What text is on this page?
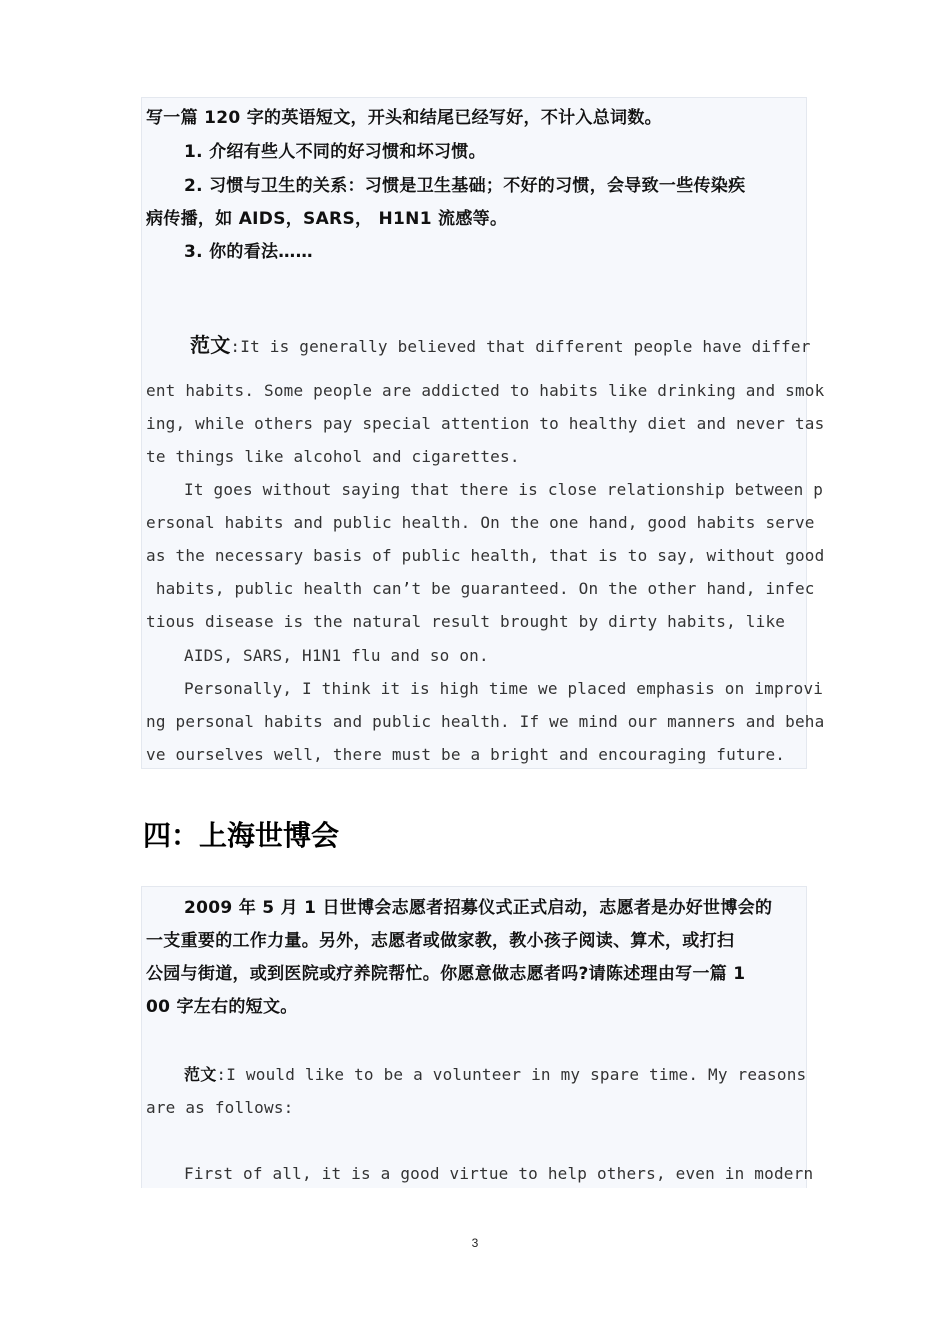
写一篇 120 字的英语短文，开头和结尾已经写好，不计入总词数。
1. 介绍有些人不同的好习惯和坏习惯。
2. 习惯与卫生的关系：习惯是卫生基础；不好的习惯，会导致一些传染疾
病传播，如 AIDS，SARS， H1N1 流感等。
3. 你的看法……
范文:It is generally believed that different people have differ
ent habits. Some people are addicted to habits like drinking and smok
ing, while others pay special attention to healthy diet and never tas
te things like alcohol and cigarettes.
It goes without saying that there is close relationship between p
ersonal habits and public health. On the one hand, good habits serve
as the necessary basis of public health, that is to say, without good
habits, public health can’t be guaranteed. On the other hand, infec
tious disease is the natural result brought by dirty habits, like
AIDS, SARS, H1N1 flu and so on.
Personally, I think it is high time we placed emphasis on improvi
ng personal habits and public health. If we mind our manners and beha
ve ourselves well, there must be a bright and encouraging future.
四：上海世博会
2009 年 5 月 1 日世博会志愿者招募仪式正式启动，志愿者是办好世博会的
一支重要的工作力量。另外，志愿者或做家教，教小孩子阅读、算术，或打扫
公园与街道，或到医院或疗养院帮忙。你愿意做志愿者吗?请陈述理由写一篇 1
00 字左右的短文。
范文:I would like to be a volunteer in my spare time. My reasons
are as follows:
First of all, it is a good virtue to help others, even in modern
3
